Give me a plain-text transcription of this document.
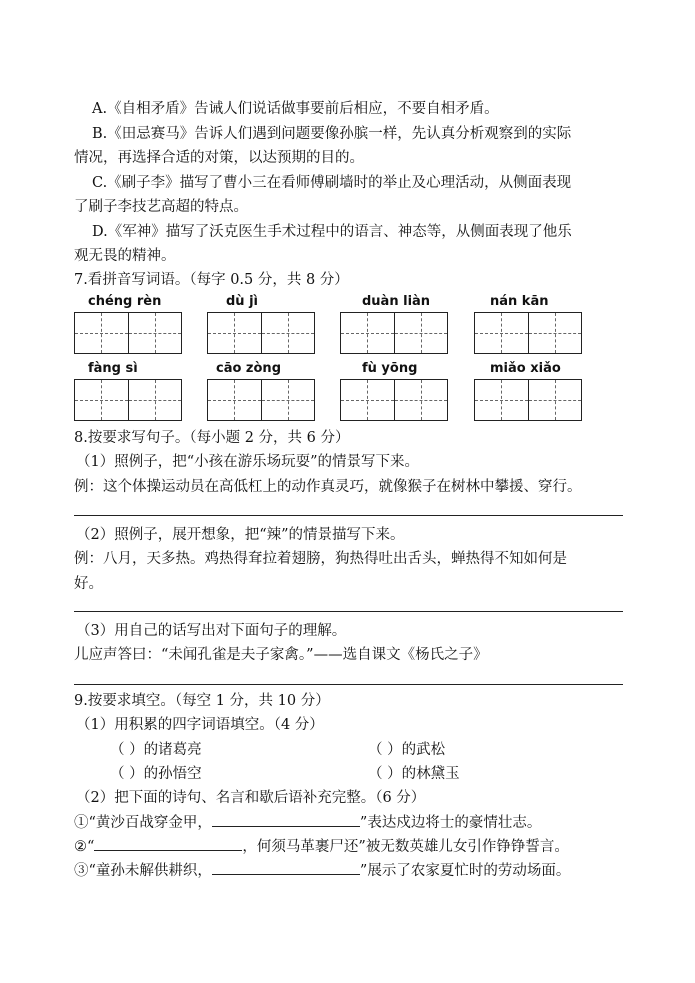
A.《自相矛盾》告诫人们说话做事要前后相应，不要自相矛盾。
B.《田忌赛马》告诉人们遇到问题要像孙膑一样，先认真分析观察到的实际
情况，再选择合适的对策，以达预期的目的。
C.《刷子李》描写了曹小三在看师傅刷墙时的举止及心理活动，从侧面表现
了刷子李技艺高超的特点。
D.《军神》描写了沃克医生手术过程中的语言、神态等，从侧面表现了他乐
观无畏的精神。
7.看拼音写词语。（每字 0.5 分，共 8 分）
chéng rèn	dù jì	duàn liàn	nán kān
fàng sì	cāo zòng	fù yōng	miǎo xiǎo
8.按要求写句子。（每小题 2 分，共 6 分）
（1）照例子，把“小孩在游乐场玩耍”的情景写下来。
例：这个体操运动员在高低杠上的动作真灵巧，就像猴子在树林中攀援、穿行。
（2）照例子，展开想象，把“辣”的情景描写下来。
例：八月，天多热。鸡热得耷拉着翅膀，狗热得吐出舌头，蝉热得不知如何是
好。
（3）用自己的话写出对下面句子的理解。
儿应声答曰：“未闻孔雀是夫子家禽。”——选自课文《杨氏之子》
9.按要求填空。（每空 1 分，共 10 分）
（1）用积累的四字词语填空。（4 分）
（ ）的诸葛亮	（ ）的武松
（ ）的孙悟空	（ ）的林黛玉
（2）把下面的诗句、名言和歇后语补充完整。（6 分）
①“黄沙百战穿金甲，	”表达戍边将士的豪情壮志。
②“	，何须马革裹尸还”被无数英雄儿女引作铮铮誓言。
③“童孙未解供耕织，	”展示了农家夏忙时的劳动场面。
